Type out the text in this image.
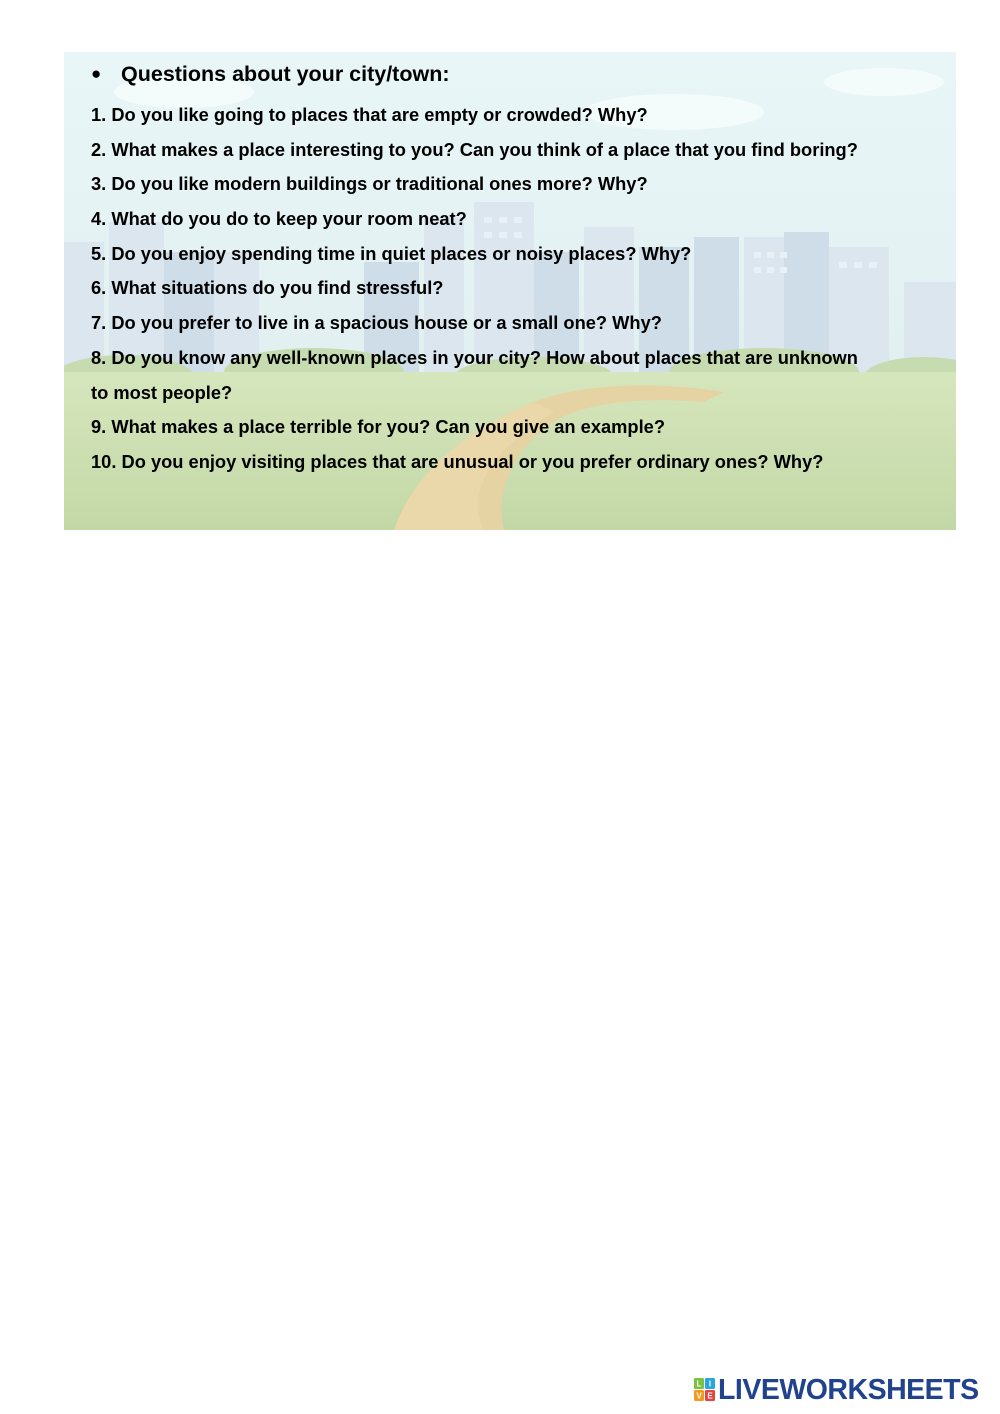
● Questions about your city/town:
1. Do you like going to places that are empty or crowded? Why?
2. What makes a place interesting to you? Can you think of a place that you find boring?
3. Do you like modern buildings or traditional ones more? Why?
4. What do you do to keep your room neat?
5. Do you enjoy spending time in quiet places or noisy places? Why?
6. What situations do you find stressful?
7. Do you prefer to live in a spacious house or a small one? Why?
8. Do you know any well-known places in your city? How about places that are unknown
to most people?
9. What makes a place terrible for you? Can you give an example?
10. Do you enjoy visiting places that are unusual or you prefer ordinary ones? Why?
L I
V E LIVEWORKSHEETS
